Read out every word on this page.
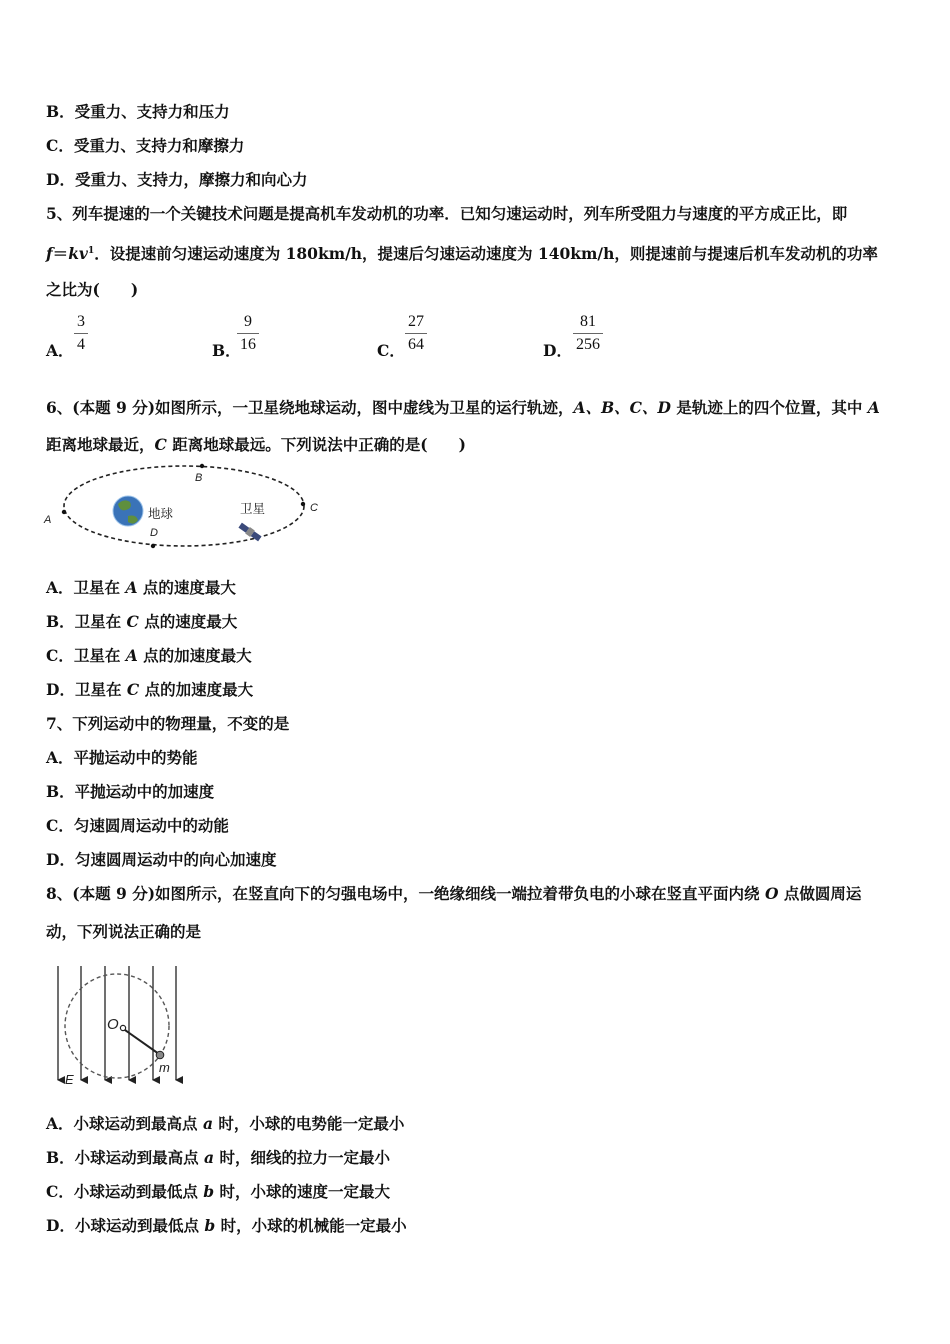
B．受重力、支持力和压力
C．受重力、支持力和摩擦力
D．受重力、支持力，摩擦力和向心力
5、列车提速的一个关键技术问题是提高机车发动机的功率．已知匀速运动时，列车所受阻力与速度的平方成正比，即
$f=kv^1$．设提速前匀速运动速度为 180km/h，提速后匀速运动速度为 140km/h，则提速前与提速后机车发动机的功率
之比为(　　)
A．
3
4	B．
9
16	C．
27
64	D．
81
256
6、(本题 9 分)如图所示，一卫星绕地球运动，图中虚线为卫星的运行轨迹，A、B、C、D 是轨迹上的四个位置，其中 A
距离地球最近，C 距离地球最远。下列说法中正确的是(　　)
A
B
C
D
地球	卫星
A．卫星在 A 点的速度最大
B．卫星在 C 点的速度最大
C．卫星在 A 点的加速度最大
D．卫星在 C 点的加速度最大
7、下列运动中的物理量，不变的是
A．平抛运动中的势能
B．平抛运动中的加速度
C．匀速圆周运动中的动能
D．匀速圆周运动中的向心加速度
8、(本题 9 分)如图所示，在竖直向下的匀强电场中，一绝缘细线一端拉着带负电的小球在竖直平面内绕 O 点做圆周运
动，下列说法正确的是
O
E
m
A．小球运动到最高点 a 时，小球的电势能一定最小
B．小球运动到最高点 a 时，细线的拉力一定最小
C．小球运动到最低点 b 时，小球的速度一定最大
D．小球运动到最低点 b 时，小球的机械能一定最小
